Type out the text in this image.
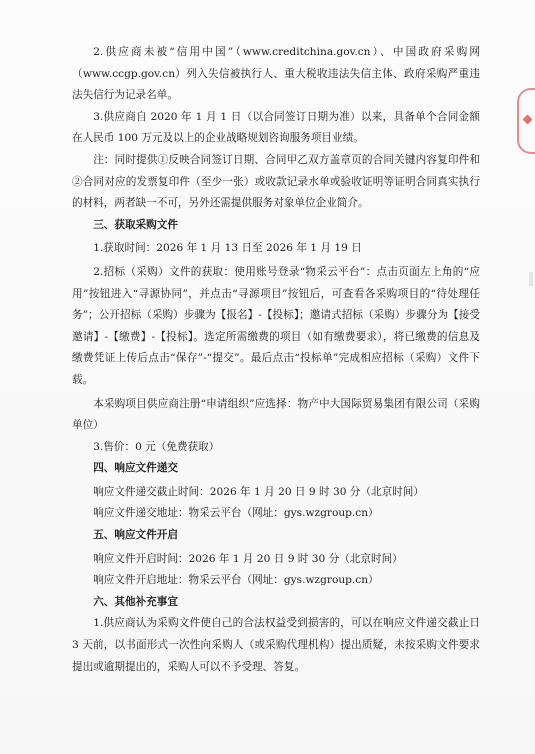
2.供应商未被“信用中国”（www.creditchina.gov.cn）、中国政府采购网（www.ccgp.gov.cn）列入失信被执行人、重大税收违法失信主体、政府采购严重违法失信行为记录名单。

3.供应商自 2020 年 1 月 1 日（以合同签订日期为准）以来，具备单个合同金额在人民币 100 万元及以上的企业战略规划咨询服务项目业绩。

注：同时提供①反映合同签订日期、合同甲乙双方盖章页的合同关键内容复印件和②合同对应的发票复印件（至少一张）或收款记录水单或验收证明等证明合同真实执行的材料，两者缺一不可，另外还需提供服务对象单位企业简介。

三、获取采购文件

1.获取时间：2026 年 1 月 13 日至 2026 年 1 月 19 日

2.招标（采购）文件的获取：使用账号登录“物采云平台”：点击页面左上角的“应用”按钮进入“寻源协同”，并点击“寻源项目”按钮后，可查看各采购项目的“待处理任务”；公开招标（采购）步骤为【报名】-【投标】；邀请式招标（采购）步骤分为【接受邀请】-【缴费】-【投标】。选定所需缴费的项目（如有缴费要求），将已缴费的信息及缴费凭证上传后点击“保存”-“提交”。最后点击“投标单”完成相应招标（采购）文件下载。

本采购项目供应商注册“申请组织”应选择：物产中大国际贸易集团有限公司（采购单位）

3.售价：0 元（免费获取）

四、响应文件递交

响应文件递交截止时间：2026 年 1 月 20 日 9 时 30 分（北京时间）

响应文件递交地址：物采云平台（网址：gys.wzgroup.cn）

五、响应文件开启

响应文件开启时间：2026 年 1 月 20 日 9 时 30 分（北京时间）

响应文件开启地址：物采云平台（网址：gys.wzgroup.cn）

六、其他补充事宜

1.供应商认为采购文件使自己的合法权益受到损害的，可以在响应文件递交截止日 3 天前，以书面形式一次性向采购人（或采购代理机构）提出质疑，未按采购文件要求提出或逾期提出的，采购人可以不予受理、答复。
